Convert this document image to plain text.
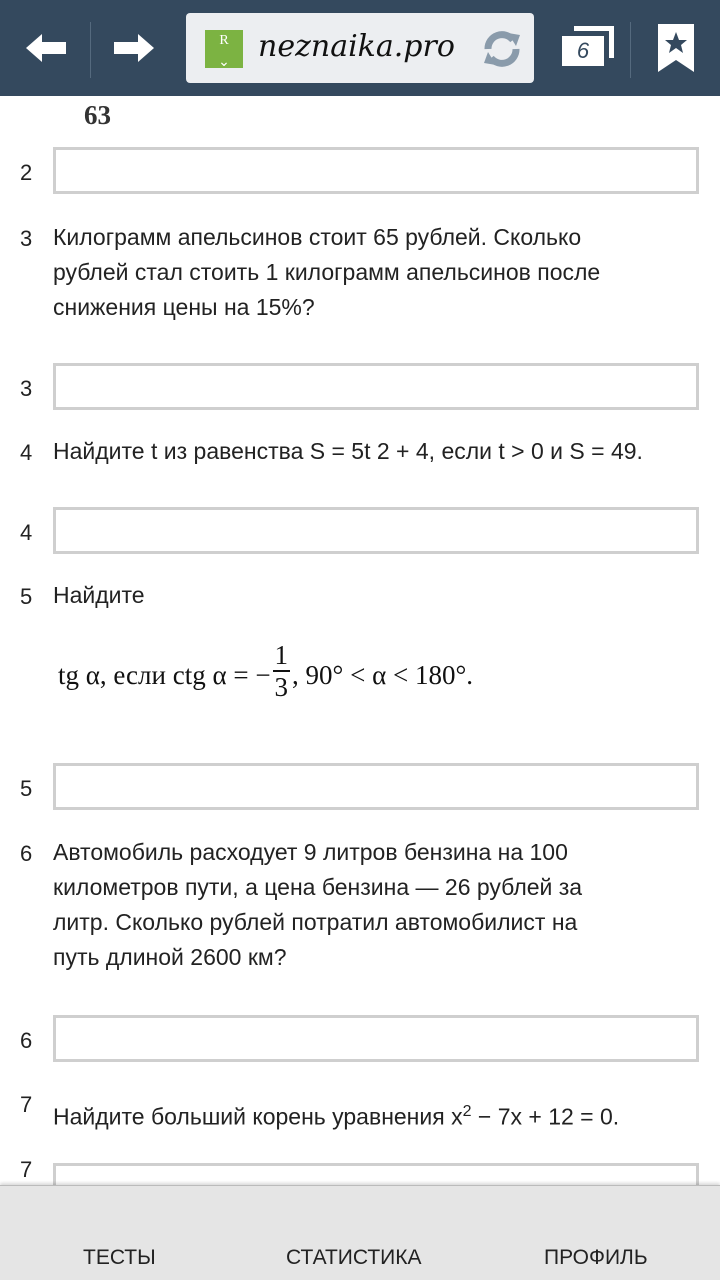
R
⌄ neznaika.pro	6
63
2
3 Килограмм апельсинов стоит 65 рублей. Сколько
рублей стал стоить 1 килограмм апельсинов после
снижения цены на 15%?
3
4 Найдите t из равенства S = 5t 2 + 4, если t > 0 и S = 49.
4
5 Найдите
tg α, если ctg α = − $\frac{1}{3}$ , 90° < α < 180°.
5
6 Автомобиль расходует 9 литров бензина на 100
километров пути, а цена бензина — 26 рублей за
литр. Сколько рублей потратил автомобилист на
путь длиной 2600 км?
6
7 Найдите больший корень уравнения $x^2 - 7x + 12 = 0$.
7
ТЕСТЫ	СТАТИСТИКА	ПРОФИЛЬ
